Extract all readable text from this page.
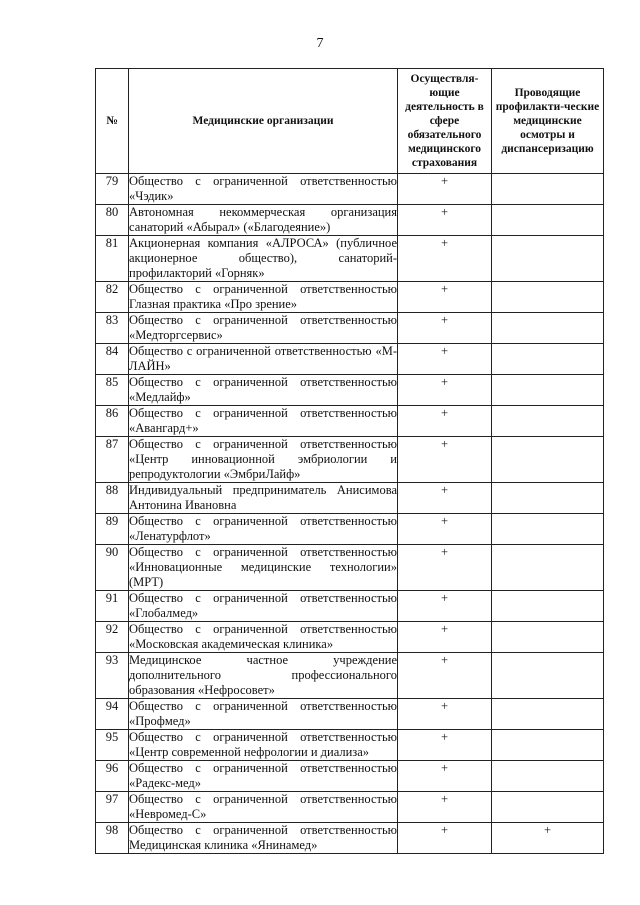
7
№	Медицинские организации	Осуществля-ющие деятельность в сфере обязательного медицинского страхования	Проводящие профилакти-ческие медицинские осмотры и диспансеризацию
79	Общество с ограниченной ответственностью «Чэдик»	+	
80	Автономная некоммерческая организация санаторий «Абырал» («Благодеяние»)	+	
81	Акционерная компания «АЛРОСА» (публичное акционерное общество), санаторий-профилакторий «Горняк»	+	
82	Общество с ограниченной ответственностью Глазная практика «Про зрение»	+	
83	Общество с ограниченной ответственностью «Медторгсервис»	+	
84	Общество с ограниченной ответственностью «М-ЛАЙН»	+	
85	Общество с ограниченной ответственностью «Медлайф»	+	
86	Общество с ограниченной ответственностью «Авангард+»	+	
87	Общество с ограниченной ответственностью «Центр инновационной эмбриологии и репродуктологии «ЭмбриЛайф»	+	
88	Индивидуальный предприниматель Анисимова Антонина Ивановна	+	
89	Общество с ограниченной ответственностью «Ленатурфлот»	+	
90	Общество с ограниченной ответственностью «Инновационные медицинские технологии» (МРТ)	+	
91	Общество с ограниченной ответственностью «Глобалмед»	+	
92	Общество с ограниченной ответственностью «Московская академическая клиника»	+	
93	Медицинское частное учреждение дополнительного профессионального образования «Нефросовет»	+	
94	Общество с ограниченной ответственностью «Профмед»	+	
95	Общество с ограниченной ответственностью «Центр современной нефрологии и диализа»	+	
96	Общество с ограниченной ответственностью «Радекс-мед»	+	
97	Общество с ограниченной ответственностью «Невромед-С»	+	
98	Общество с ограниченной ответственностью Медицинская клиника «Янинамед»	+	+
